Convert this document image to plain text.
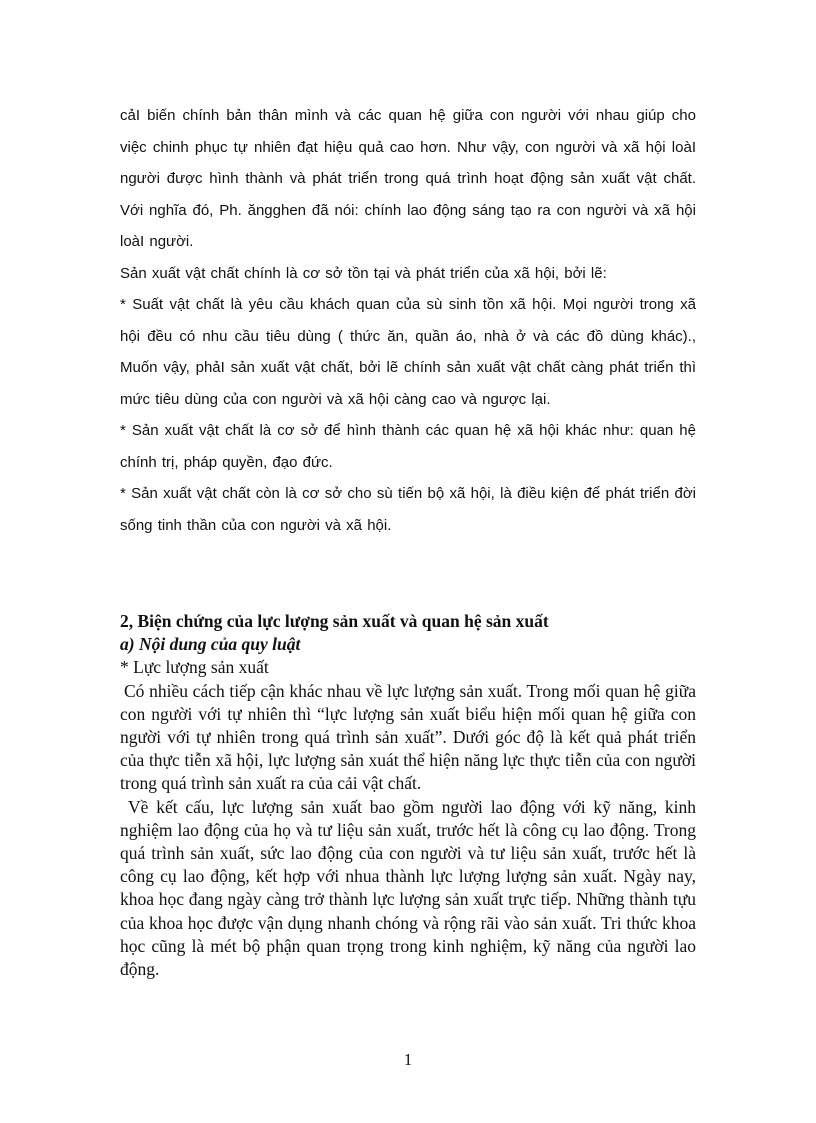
cảI biến chính bản thân mình và các quan hệ giữa con người với nhau giúp cho việc chinh phục tự nhiên đạt hiệu quả cao hơn. Như vậy, con người và xã hội loàI người được hình thành và phát triển trong quá trình hoạt động sản xuất vật chất. Với nghĩa đó, Ph. ăngghen đã nói: chính lao động sáng tạo ra con người và xã hội loàI người.

Sản xuất vật chất chính là cơ sở tồn tại và phát triển của xã hội, bởi lẽ:

* Suất vật chất là yêu cầu khách quan của sù sinh tồn xã hội. Mọi người trong xã hội đều có nhu cầu tiêu dùng ( thức ăn, quần áo, nhà ở và các đồ dùng khác)., Muốn vậy, phảI sản xuất vật chất, bởi lẽ chính sản xuất vật chất càng phát triển thì mức tiêu dùng của con người và xã hội càng cao và ngược lại.

* Sản xuất vật chất là cơ sở để hình thành các quan hệ xã hội khác như: quan hệ chính trị, pháp quyền, đạo đức.

* Sản xuất vật chất còn là cơ sở cho sù tiến bộ xã hội, là điều kiện để phát triển đời sống tinh thần của con người và xã hội.

2, Biện chứng của lực lượng sản xuất và quan hệ sản xuất

a) Nội dung của quy luật

* Lực lượng sản xuất

Có nhiều cách tiếp cận khác nhau về lực lượng sản xuất. Trong mối quan hệ giữa con người với tự nhiên thì “lực lượng sản xuất biểu hiện mối quan hệ giữa con người với tự nhiên trong quá trình sản xuất”. Dưới góc độ là kết quả phát triển của thực tiễn xã hội, lực lượng sản xuát thể hiện năng lực thực tiễn của con người trong quá trình sản xuất ra của cải vật chất.

Về kết cấu, lực lượng sản xuất bao gồm người lao động với kỹ năng, kinh nghiệm lao động của họ và tư liệu sản xuất, trước hết là công cụ lao động. Trong quá trình sản xuất, sức lao động của con người và tư liệu sản xuất, trước hết là công cụ lao động, kết hợp với nhua thành lực lượng lượng sản xuất. Ngày nay, khoa học đang ngày càng trở thành lực lượng sản xuất trực tiếp. Những thành tựu của khoa học được vận dụng nhanh chóng và rộng rãi vào sản xuất. Tri thức khoa học cũng là mét bộ phận quan trọng trong kinh nghiệm, kỹ năng của người lao động.

1
